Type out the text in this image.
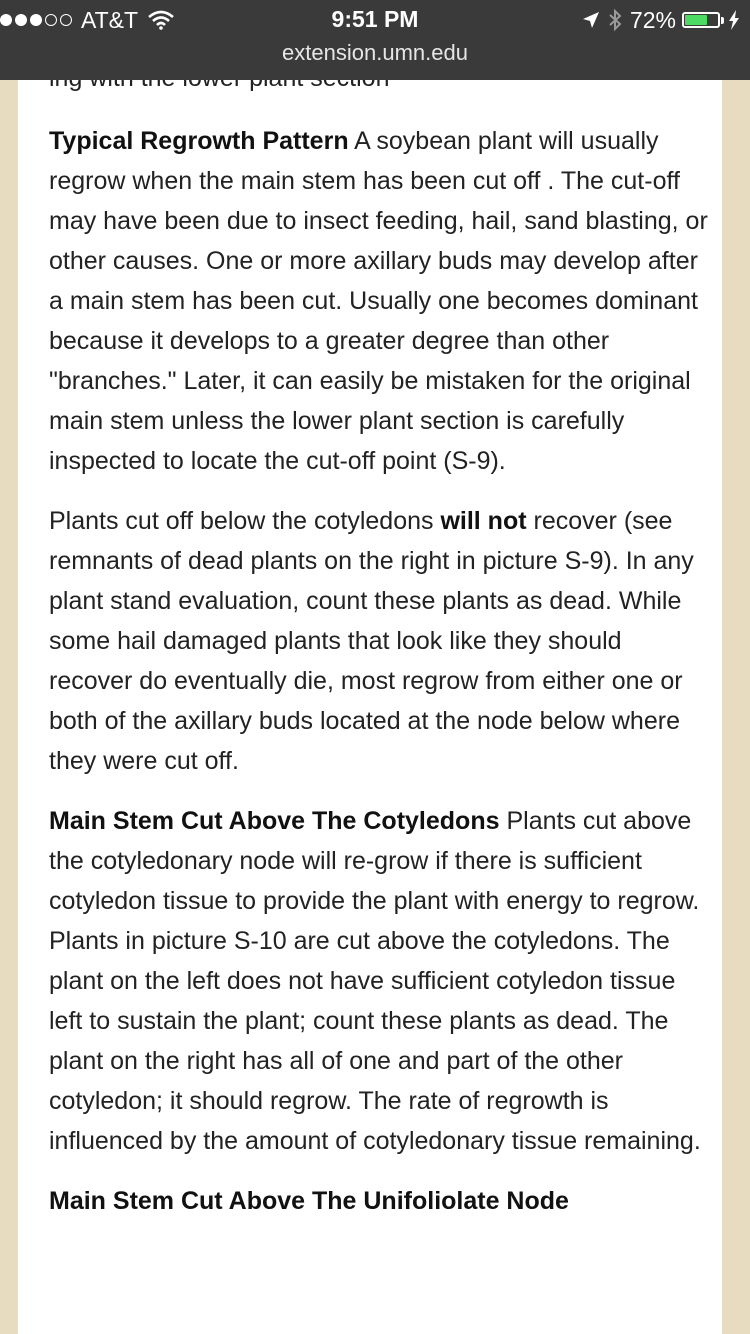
AT&T	9:51 PM	72%
extension.umn.edu

Typical Regrowth Pattern A soybean plant will usually regrow when the main stem has been cut off . The cut-off may have been due to insect feeding, hail, sand blasting, or other causes. One or more axillary buds may develop after a main stem has been cut. Usually one becomes dominant because it develops to a greater degree than other "branches." Later, it can easily be mistaken for the original main stem unless the lower plant section is carefully inspected to locate the cut-off point (S-9).

Plants cut off below the cotyledons will not recover (see remnants of dead plants on the right in picture S-9). In any plant stand evaluation, count these plants as dead. While some hail damaged plants that look like they should recover do eventually die, most regrow from either one or both of the axillary buds located at the node below where they were cut off.

Main Stem Cut Above The Cotyledons Plants cut above the cotyledonary node will re-grow if there is sufficient cotyledon tissue to provide the plant with energy to regrow. Plants in picture S-10 are cut above the cotyledons. The plant on the left does not have sufficient cotyledon tissue left to sustain the plant; count these plants as dead. The plant on the right has all of one and part of the other cotyledon; it should regrow. The rate of regrowth is influenced by the amount of cotyledonary tissue remaining.

Main Stem Cut Above The Unifoliolate Node
